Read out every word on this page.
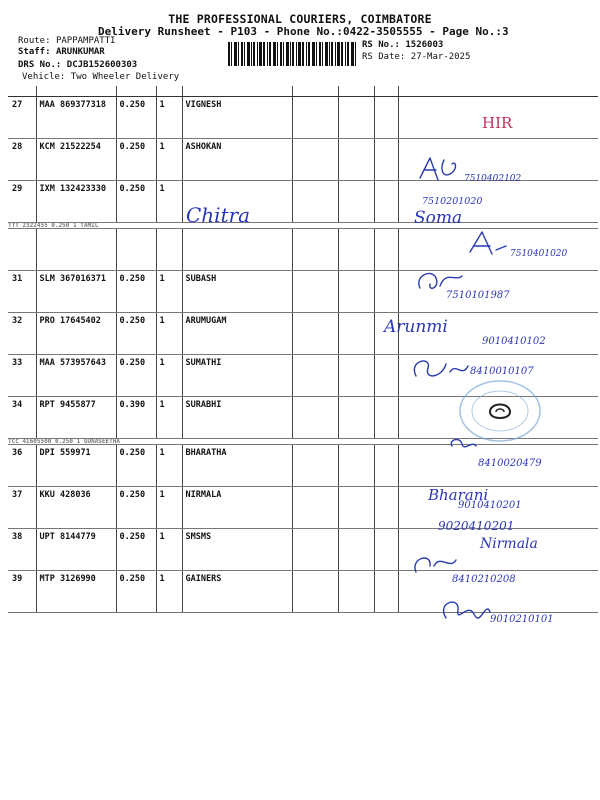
THE PROFESSIONAL COURIERS, COIMBATORE
Delivery Runsheet - P103 - Phone No.:0422-3505555 - Page No.:3
Route: PAPPAMPATTI
Staff: ARUNKUMAR
DRS No.: DCJB152600303
Vehicle: Two Wheeler Delivery
RS No.: 1526003
RS Date: 27-Mar-2025

27	MAA 869377318	0.250	1	VIGNESH				
28	KCM 21522254	0.250	1	ASHOKAN				
29	IXM 132423330	0.250	1					
TTT 2322455 0.250 1 TAMIL								

31	SLM 367016371	0.250	1	SUBASH				
32	PRO 17645402	0.250	1	ARUMUGAM				
33	MAA 573957643	0.250	1	SUMATHI				
34	RPT 9455877	0.390	1	SURABHI				
TCC 41605500 0.250 1 GUNASEETHA								
36	DPI 559971	0.250	1	BHARATHA				
37	KKU 428036	0.250	1	NIRMALA				
38	UPT 8144779	0.250	1	SMSMS				
39	MTP 3126990	0.250	1	GAINERS				
HIR
7510402102
Chitra
7510201020
Soma
7510401020
7510101987
Arunmi
9010410102
8410010107
8410020479
Bharani
9010410201
9020410201
Nirmala
8410210208
9010210101
